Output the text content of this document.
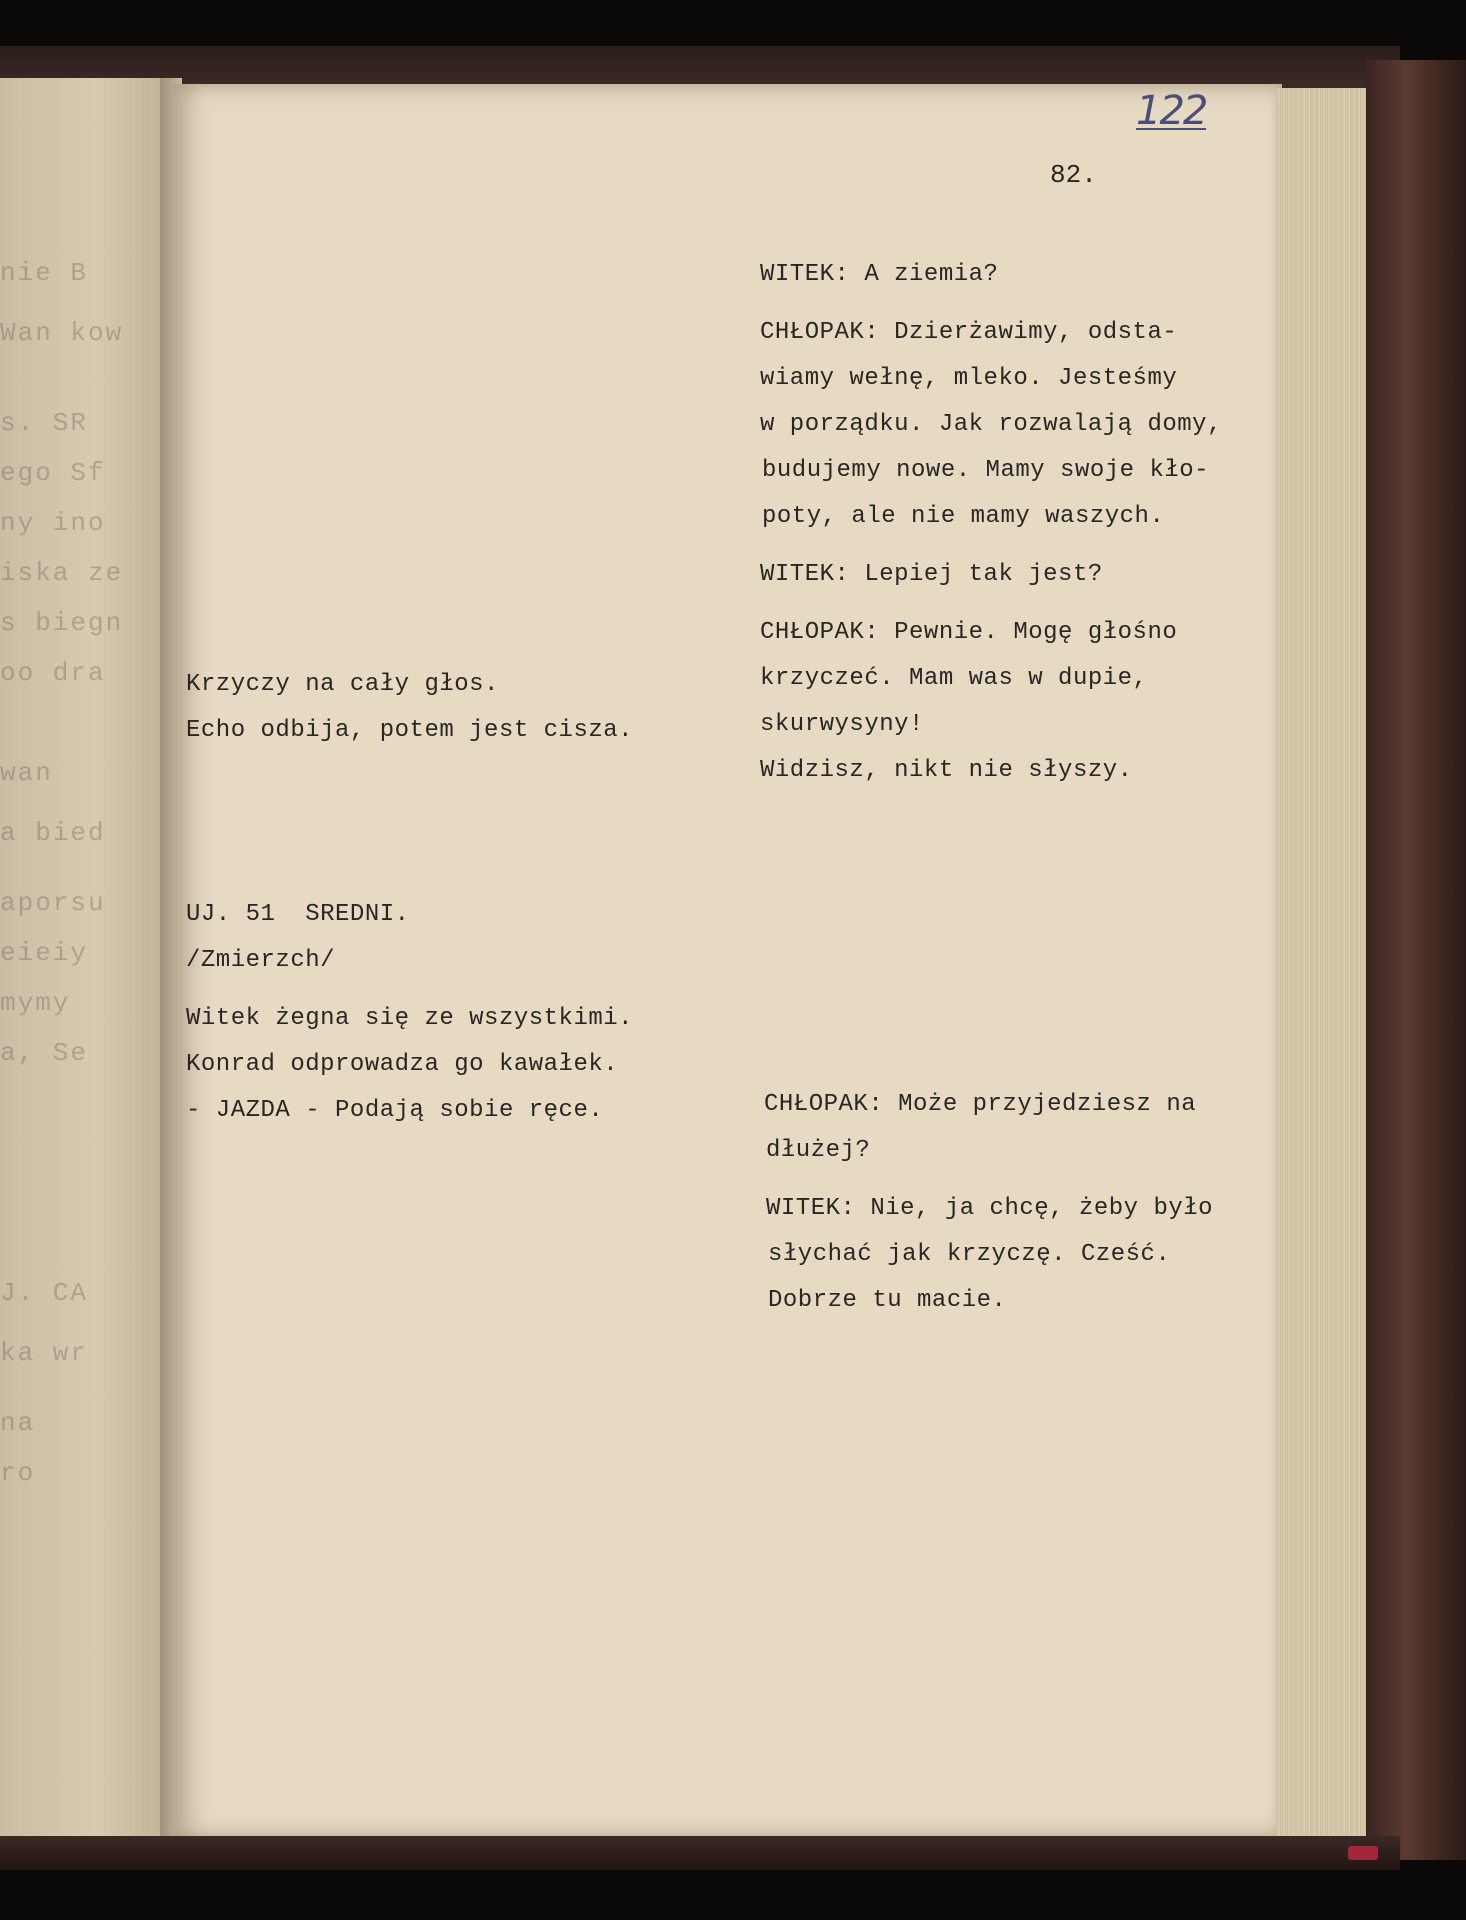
nie B
Wan kow
s. SR
ego Sf
ny ino
iska ze
s biegn
oo dra
wan
a bied
aporsu
eieiy
mymy
a, Se
J. CA
ka wr
na
ro
122
82.
WITEK: A ziemia?
CHŁOPAK: Dzierżawimy, odsta-
wiamy wełnę, mleko. Jesteśmy
w porządku. Jak rozwalają domy,
budujemy nowe. Mamy swoje kło-
poty, ale nie mamy waszych.
WITEK: Lepiej tak jest?
CHŁOPAK: Pewnie. Mogę głośno
krzyczeć. Mam was w dupie,
skurwysyny!
Widzisz, nikt nie słyszy.
Krzyczy na cały głos.
Echo odbija, potem jest cisza.
UJ. 51  SREDNI.
/Zmierzch/
Witek żegna się ze wszystkimi.
Konrad odprowadza go kawałek.
- JAZDA - Podają sobie ręce.	CHŁOPAK: Może przyjedziesz na
dłużej?
WITEK: Nie, ja chcę, żeby było
słychać jak krzyczę. Cześć.
Dobrze tu macie.
